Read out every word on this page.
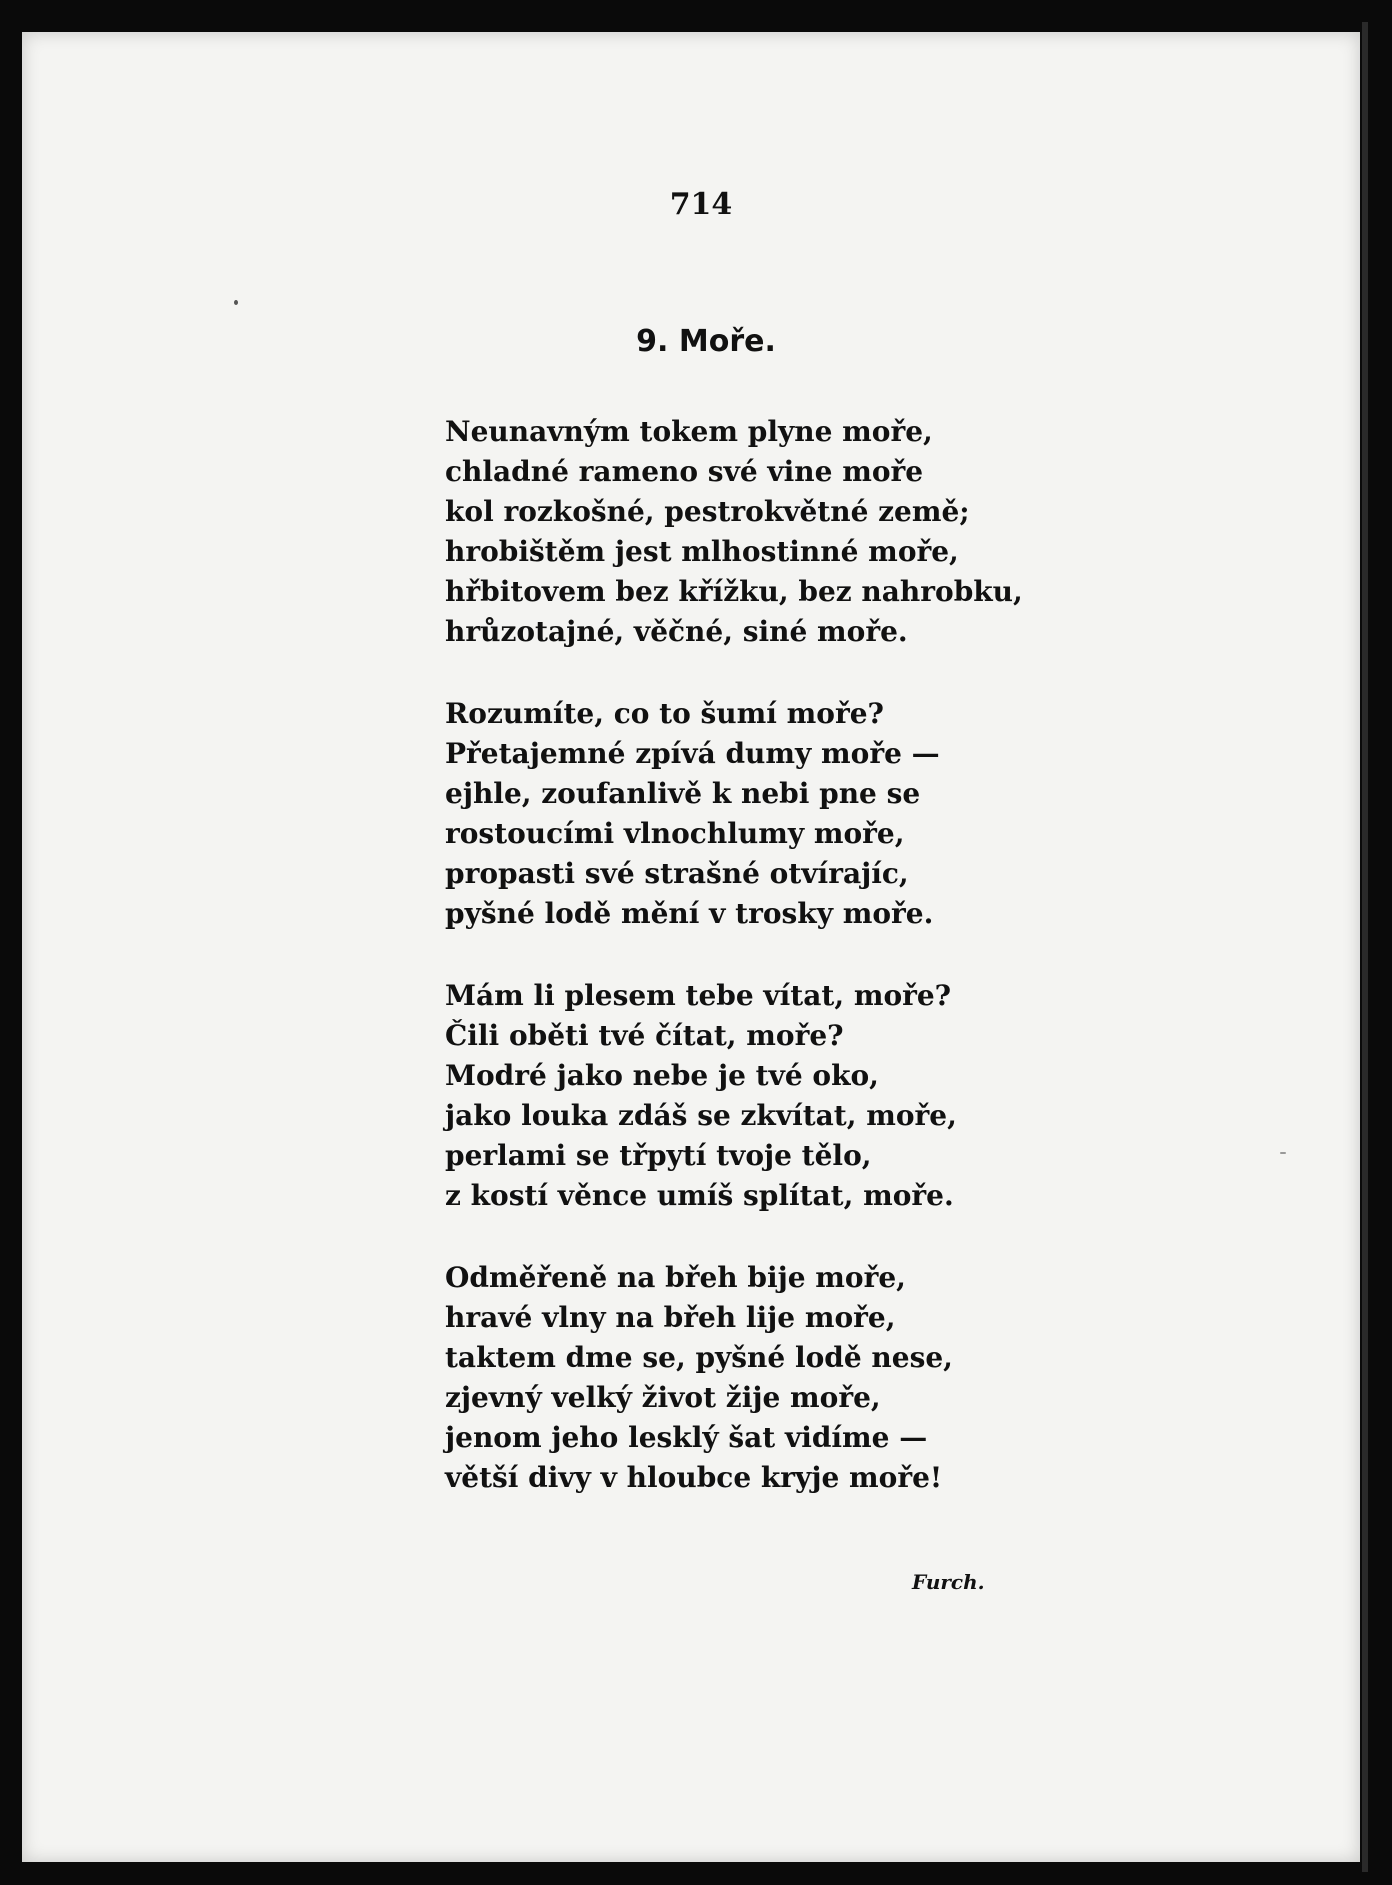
714
9. Moře.
Neunavným tokem plyne moře,
chladné rameno své vine moře
kol rozkošné, pestrokvětné země;
hrobištěm jest mlhostinné moře,
hřbitovem bez křížku, bez nahrobku,
hrůzotajné, věčné, siné moře.
Rozumíte, co to šumí moře?
Přetajemné zpívá dumy moře —
ejhle, zoufanlivě k nebi pne se
rostoucími vlnochlumy moře,
propasti své strašné otvírajíc,
pyšné lodě mění v trosky moře.
Mám li plesem tebe vítat, moře?
Čili oběti tvé čítat, moře?
Modré jako nebe je tvé oko,
jako louka zdáš se zkvítat, moře,
perlami se třpytí tvoje tělo,
z kostí věnce umíš splítat, moře.
Odměřeně na břeh bije moře,
hravé vlny na břeh lije moře,
taktem dme se, pyšné lodě nese,
zjevný velký život žije moře,
jenom jeho lesklý šat vidíme —
větší divy v hloubce kryje moře!
Furch.
